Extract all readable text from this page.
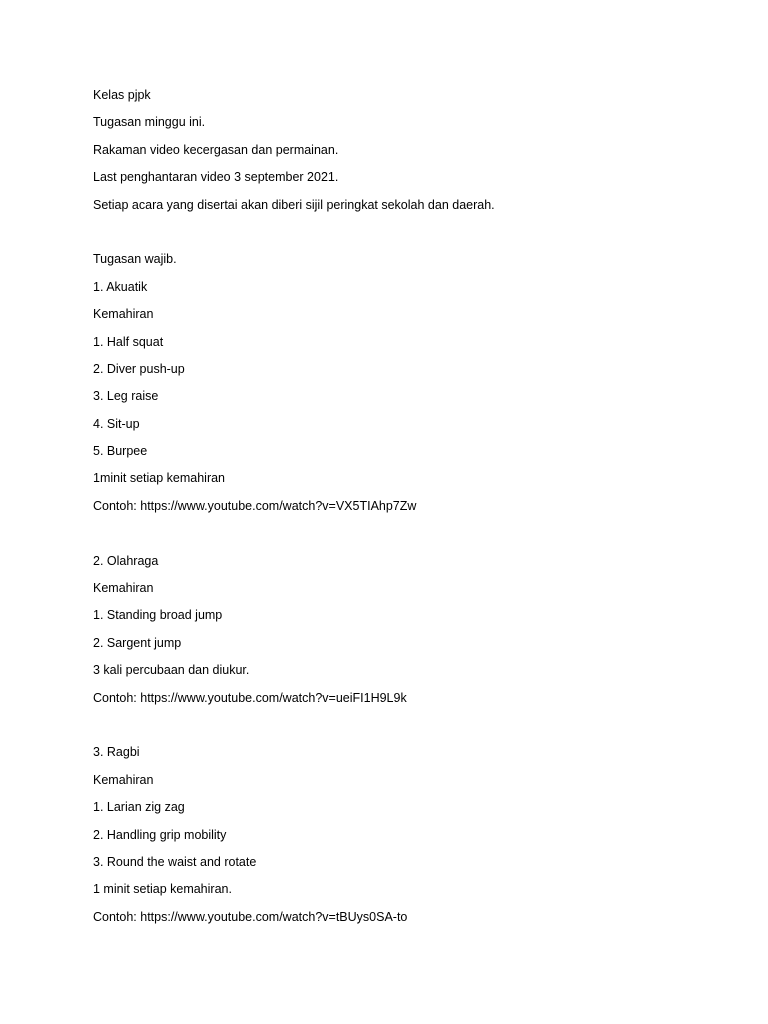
Kelas pjpk
Tugasan minggu ini.
Rakaman video kecergasan dan permainan.
Last penghantaran video 3 september 2021.
Setiap acara yang disertai akan diberi sijil peringkat sekolah dan daerah.
Tugasan wajib.
1. Akuatik
Kemahiran
1. Half squat
2. Diver push-up
3. Leg raise
4. Sit-up
5. Burpee
1minit setiap kemahiran
Contoh: https://www.youtube.com/watch?v=VX5TIAhp7Zw
2. Olahraga
Kemahiran
1. Standing broad jump
2. Sargent jump
3 kali percubaan dan diukur.
Contoh: https://www.youtube.com/watch?v=ueiFI1H9L9k
3. Ragbi
Kemahiran
1. Larian zig zag
2. Handling grip mobility
3. Round the waist and rotate
1 minit setiap kemahiran.
Contoh: https://www.youtube.com/watch?v=tBUys0SA-to
